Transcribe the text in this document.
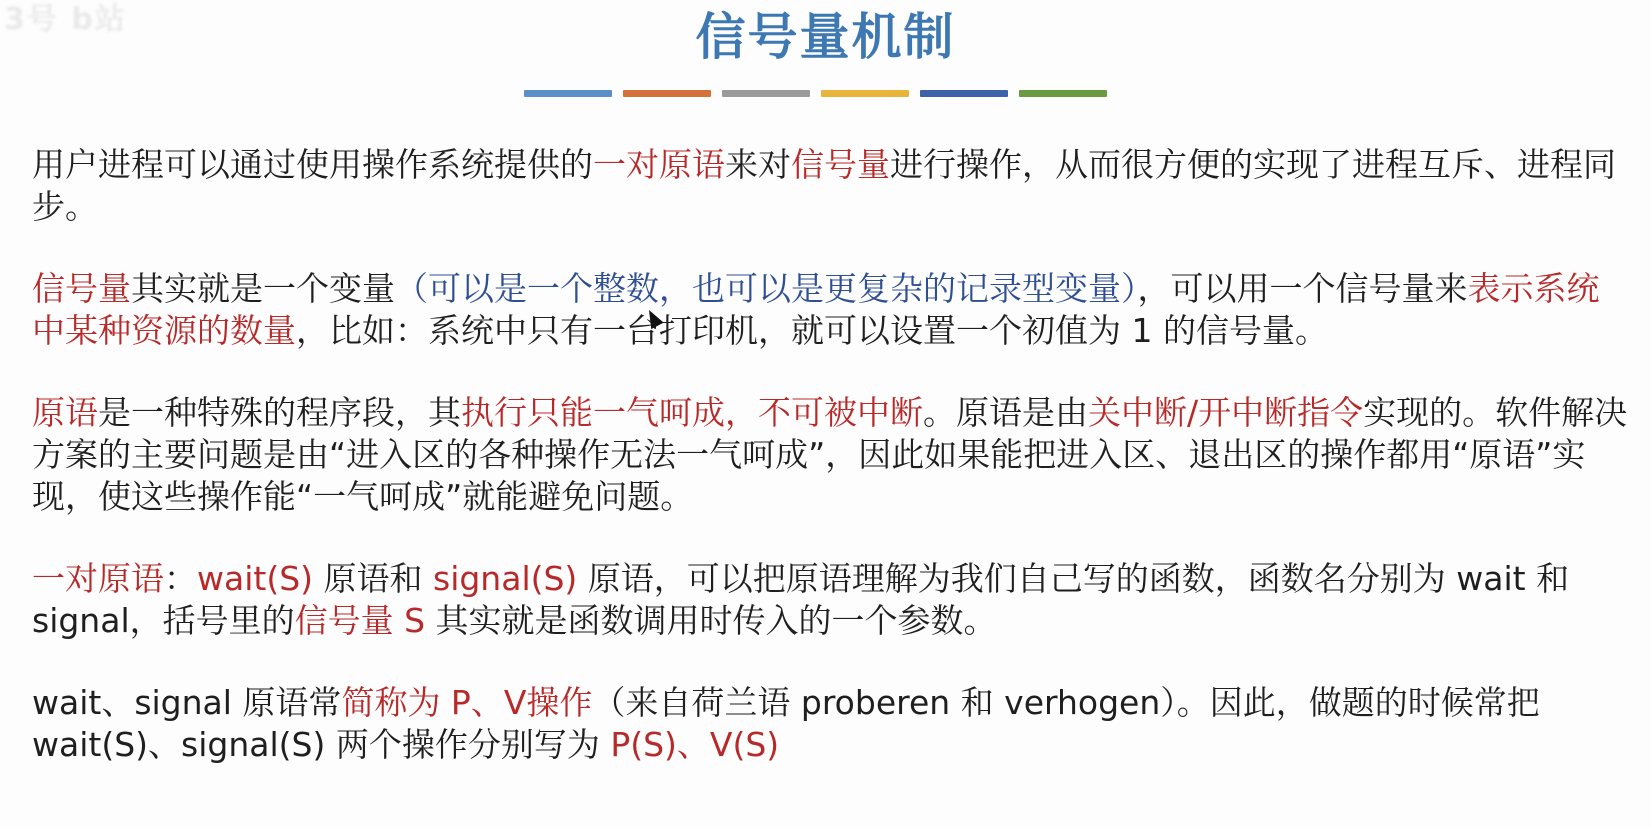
3号 b站	信号量机制

用户进程可以通过使用操作系统提供的一对原语来对信号量进行操作，从而很方便的实现了进程互斥、进程同步。

信号量其实就是一个变量（可以是一个整数，也可以是更复杂的记录型变量），可以用一个信号量来表示系统中某种资源的数量，比如：系统中只有一台打印机，就可以设置一个初值为 1 的信号量。

原语是一种特殊的程序段，其执行只能一气呵成，不可被中断。原语是由关中断/开中断指令实现的。软件解决方案的主要问题是由“进入区的各种操作无法一气呵成”，因此如果能把进入区、退出区的操作都用“原语”实现，使这些操作能“一气呵成”就能避免问题。

一对原语：wait(S) 原语和 signal(S) 原语，可以把原语理解为我们自己写的函数，函数名分别为 wait 和 signal，括号里的信号量 S 其实就是函数调用时传入的一个参数。

wait、signal 原语常简称为 P、V操作（来自荷兰语 proberen 和 verhogen）。因此，做题的时候常把 wait(S)、signal(S) 两个操作分别写为 P(S)、V(S)
